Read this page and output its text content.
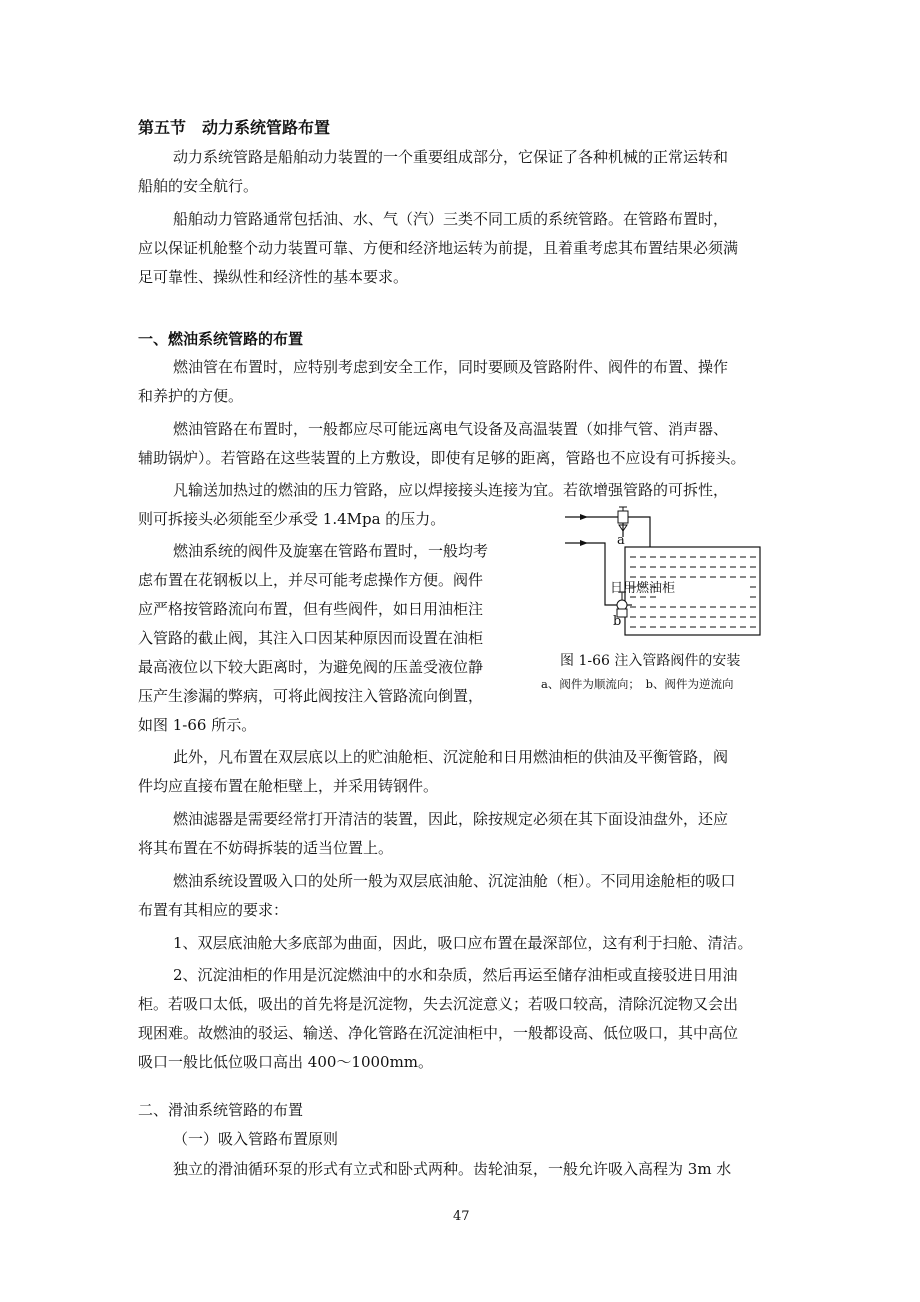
第五节　动力系统管路布置
动力系统管路是船舶动力装置的一个重要组成部分，它保证了各种机械的正常运转和
船舶的安全航行。
船舶动力管路通常包括油、水、气（汽）三类不同工质的系统管路。在管路布置时，
应以保证机舱整个动力装置可靠、方便和经济地运转为前提，且着重考虑其布置结果必须满
足可靠性、操纵性和经济性的基本要求。
一、燃油系统管路的布置
燃油管在布置时，应特别考虑到安全工作，同时要顾及管路附件、阀件的布置、操作
和养护的方便。
燃油管路在布置时，一般都应尽可能远离电气设备及高温装置（如排气管、消声器、
辅助锅炉）。若管路在这些装置的上方敷设，即使有足够的距离，管路也不应设有可拆接头。
凡输送加热过的燃油的压力管路，应以焊接接头连接为宜。若欲增强管路的可拆性，
则可拆接头必须能至少承受 1.4Mpa 的压力。
燃油系统的阀件及旋塞在管路布置时，一般均考
虑布置在花钢板以上，并尽可能考虑操作方便。阀件
应严格按管路流向布置，但有些阀件，如日用油柜注
入管路的截止阀，其注入口因某种原因而设置在油柜
最高液位以下较大距离时，为避免阀的压盖受液位静
压产生渗漏的弊病，可将此阀按注入管路流向倒置，
如图 1-66 所示。
日用燃油柜
a
b
图 1-66 注入管路阀件的安装
a、阀件为顺流向；　b、阀件为逆流向
此外，凡布置在双层底以上的贮油舱柜、沉淀舱和日用燃油柜的供油及平衡管路，阀
件均应直接布置在舱柜壁上，并采用铸钢件。
燃油滤器是需要经常打开清洁的装置，因此，除按规定必须在其下面设油盘外，还应
将其布置在不妨碍拆装的适当位置上。
燃油系统设置吸入口的处所一般为双层底油舱、沉淀油舱（柜）。不同用途舱柜的吸口
布置有其相应的要求：
1、双层底油舱大多底部为曲面，因此，吸口应布置在最深部位，这有利于扫舱、清洁。
2、沉淀油柜的作用是沉淀燃油中的水和杂质，然后再运至储存油柜或直接驳进日用油
柜。若吸口太低，吸出的首先将是沉淀物，失去沉淀意义；若吸口较高，清除沉淀物又会出
现困难。故燃油的驳运、输送、净化管路在沉淀油柜中，一般都设高、低位吸口，其中高位
吸口一般比低位吸口高出 400～1000mm。
二、滑油系统管路的布置
（一）吸入管路布置原则
独立的滑油循环泵的形式有立式和卧式两种。齿轮油泵，一般允许吸入高程为 3m 水
47
